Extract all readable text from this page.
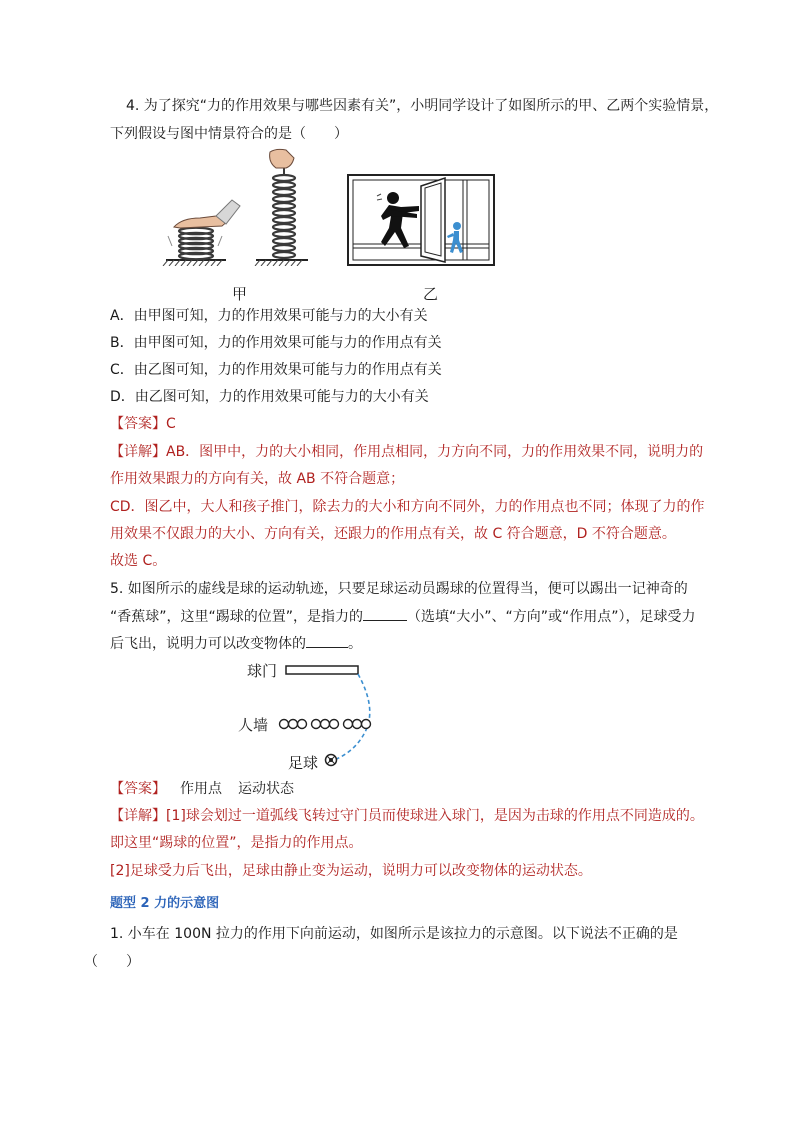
4. 为了探究“力的作用效果与哪些因素有关”，小明同学设计了如图所示的甲、乙两个实验情景，
下列假设与图中情景符合的是（　　）
甲	乙
A．由甲图可知，力的作用效果可能与力的大小有关
B．由甲图可知，力的作用效果可能与力的作用点有关
C．由乙图可知，力的作用效果可能与力的作用点有关
D．由乙图可知，力的作用效果可能与力的大小有关
【答案】C
【详解】AB．图甲中，力的大小相同，作用点相同，力方向不同，力的作用效果不同，说明力的
作用效果跟力的方向有关，故 AB 不符合题意；
CD．图乙中，大人和孩子推门，除去力的大小和方向不同外，力的作用点也不同；体现了力的作
用效果不仅跟力的大小、方向有关，还跟力的作用点有关，故 C 符合题意，D 不符合题意。
故选 C。
5. 如图所示的虚线是球的运动轨迹，只要足球运动员踢球的位置得当，便可以踢出一记神奇的
“香蕉球”，这里“踢球的位置”，是指力的	（选填“大小”、“方向”或“作用点”），足球受力
后飞出，说明力可以改变物体的	。
球门
人墙
足球
【答案】 作用点 运动状态
【详解】[1]球会划过一道弧线飞转过守门员而使球进入球门，是因为击球的作用点不同造成的。
即这里“踢球的位置”，是指力的作用点。
[2]足球受力后飞出，足球由静止变为运动，说明力可以改变物体的运动状态。
题型 2 力的示意图
1. 小车在 100N 拉力的作用下向前运动，如图所示是该拉力的示意图。以下说法不正确的是
（　　）
